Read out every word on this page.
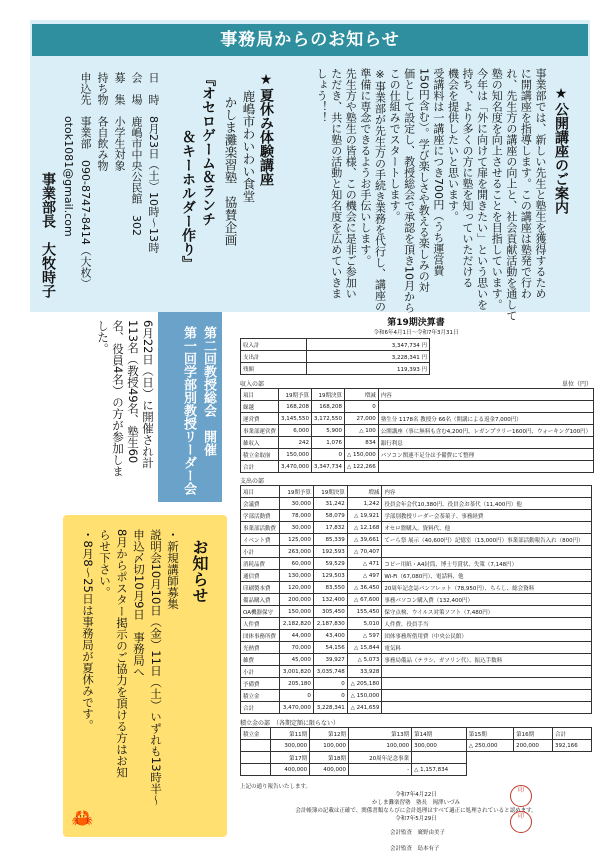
事務局からのお知らせ
★公開講座のご案内
事業部では、新しい先生と塾生を獲得するため
に開講座を指導します。この講座は塾発で行わ
れ、先生方の講座の向上と、社会貢献活動を通して
塾の知名度を向上させることを目指しています。
今年は「外に向けて扉を開きたい」という思いを
持ち、より多くの方に塾を知っていただける
機会を提供したいと思います。
受講料は一講座につき700円（うち運営費
150円含む）。学び楽しさや教える楽しみの対
価として設定し、教授総会で承認を頂き10月から
この仕組みでスタートします。
※事業部が先生方の手続き業務を代行し、講座の
準備に専念できるようお手伝いします。
先生方や塾生の皆様、この機会に是非ご参加い
ただき、共に塾の活動と知名度を広めていきま
しょう！！
★夏休み体験講座
鹿嶋市わいわい食堂
かしま灘楽習塾　協賛企画
『オセロゲーム＆ランチ
＆キーホルダー作り』
日　時　8月23日（土）10時～13時
会　場　鹿嶋市中央公民館　302
募　集　小学生対象
持ち物　各自飲み物
申込先　事業部　090-8747-8414（大枚）
　　　　otok1081@gmail.com
事業部長　大牧時子
第一回学部別教授リーダー会 第二回教授総会　開催
6月22日（日）に開催され計113名（教授49名、塾生60名、役員4名）の方が参加しました。
お知らせ
・新規講師募集
説明会10月10日（金）11日（土）いずれも13時半～
申込〆切10月9日　事務局へ
8月からポスター掲示のご協力を頂ける方はお知
らせ下さい。
・8月8～25日は事務局が夏休みです。
🦀
第19期決算書
令和6年4月1日～令和7年3月31日
収入計	3,347,734 円
支出計	3,228,341 円
残額	119,393 円
収入の部	単位（円）
項目	19期予算	19期決算	増減	内容
繰越	168,208	168,208	0	
運営費	3,145,550	3,172,550	27,000	塾生分 1178名 教授分 66名（開講による返金7,000円）
事業部運営費	6,000	5,900	△ 100	公開講座（事に無料も含む4,200円、レガンプラリー1600円、ウォーキング100円）
雑収入	242	1,076	834	銀行利息
積立金取崩	150,000	0	△ 150,000	パソコン関連不足分は予備費にて整理
合計	3,470,000	3,347,734	△ 122,266	
支出の部
項目	19期予算	19期決算	増減	内容
会議費	30,000	31,242	1,242	役員会年会代10,380円、役員会お茶代（11,400円）他
学部活動費	78,000	58,079	△ 19,921	学部別教授リーダー会茶菓子、事務経費
事業部活動費	30,000	17,832	△ 12,168	オセロ盤購入、資料代、他
イベント費	125,000	85,339	△ 39,661	てーら祭 展示（40,600円）記憶室（13,000円）事業部活動報告入れ（800円）
小計	263,000	192,593	△ 70,407	
消耗品費	60,000	59,529	△ 471	コピー用紙・A4封筒、博士号賞状、失策（7,148円）
通信費	130,000	129,503	△ 497	Wi-Fi（67,080円）、電話料、他
印刷製本費	120,000	83,550	△ 36,450	20周年記念誌パンフレット（78,950円）、ちらし、総会資料
備品購入費	200,000	132,400	△ 67,600	事務パソコン購入費（132,400円）
OA機器保守	150,000	305,450	155,450	保守点検、ウイルス対策ソフト（7,480円）
人件費	2,182,820	2,187,830	5,010	人件費、役員手当
団体事務所費	44,000	43,400	△ 597	団体事務所借用費（中央公民館）
光熱費	70,000	54,156	△ 15,844	電気料
雑費	45,000	39,927	△ 5,073	事務局備品（テラシ、ガソリン代）、振込手数料
小計	3,001,820	3,035,748	33,928	
予備費	205,180	0	△ 205,180	
積立金	0	0	△ 150,000	
合計	3,470,000	3,228,341	△ 241,659	
積立金の部　（各期定額に限らない）
積立金	第11期	第12期	第13期	第14期	第15期	第16期	合計
	300,000	100,000	100,000	300,000	△ 250,000	200,000	392,166
	第17期	第18期	20周年記念事業				
	400,000	400,000	-	△ 1,157,834			
上記の通り報告いたします。
令和7年4月22日
かしま灘楽習塾　塾長　岡澤いづみ
会計帳簿の記載は正確で、関係書類ならびに会計処理はすべて適正に処理されていると認めます。
令和7年5月29日
会計監査　廣野由美子
会計監査　島本有子
印
印
